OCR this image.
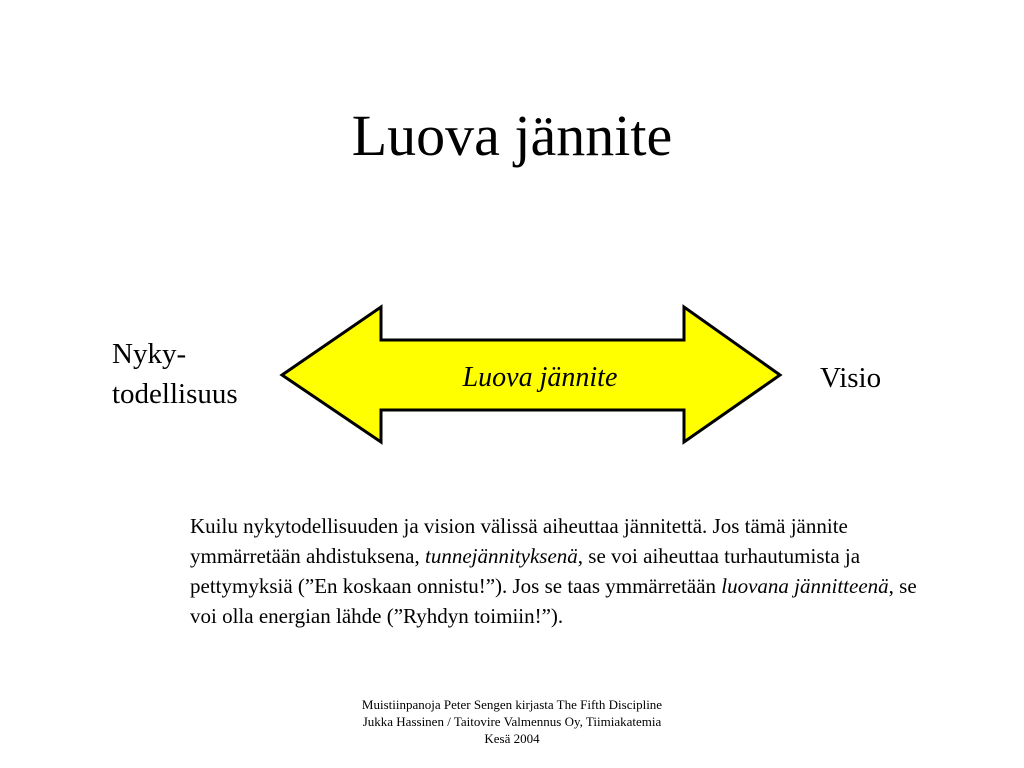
Luova jännite
Nyky-
todellisuus
Luova jännite	Visio
Kuilu nykytodellisuuden ja vision välissä aiheuttaa jännitettä. Jos tämä jännite ymmärretään ahdistuksena, tunnejännityksenä, se voi aiheuttaa turhautumista ja pettymyksiä (”En koskaan onnistu!”). Jos se taas ymmärretään luovana jännitteenä, se voi olla energian lähde (”Ryhdyn toimiin!”).
Muistiinpanoja Peter Sengen kirjasta The Fifth Discipline
Jukka Hassinen / Taitovire Valmennus Oy, Tiimiakatemia
Kesä 2004
